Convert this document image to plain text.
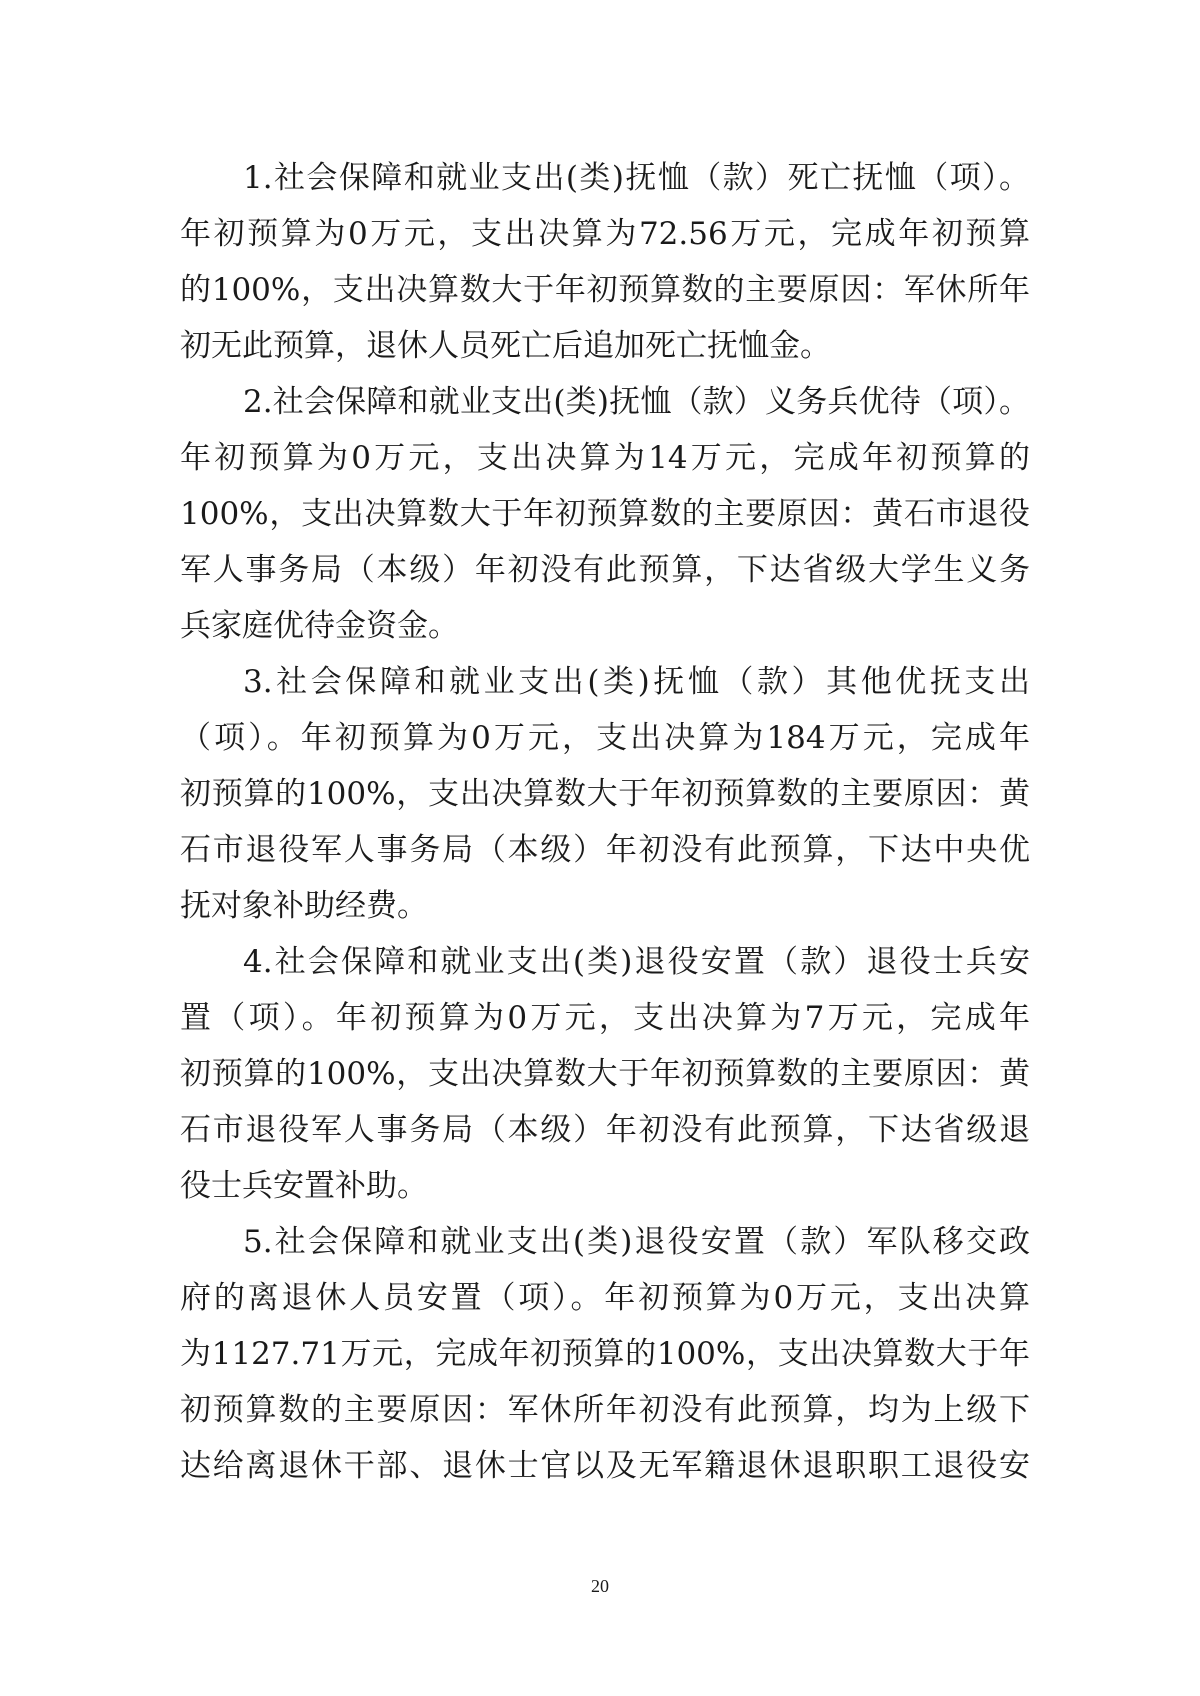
1.社会保障和就业支出(类)抚恤（款）死亡抚恤（项）。
年初预算为0万元，支出决算为72.56万元，完成年初预算
的100%，支出决算数大于年初预算数的主要原因：军休所年
初无此预算，退休人员死亡后追加死亡抚恤金。
2.社会保障和就业支出(类)抚恤（款）义务兵优待（项）。
年初预算为0万元，支出决算为14万元，完成年初预算的
100%，支出决算数大于年初预算数的主要原因：黄石市退役
军人事务局（本级）年初没有此预算，下达省级大学生义务
兵家庭优待金资金。
3.社会保障和就业支出(类)抚恤（款）其他优抚支出
（项）。年初预算为0万元，支出决算为184万元，完成年
初预算的100%，支出决算数大于年初预算数的主要原因：黄
石市退役军人事务局（本级）年初没有此预算，下达中央优
抚对象补助经费。
4.社会保障和就业支出(类)退役安置（款）退役士兵安
置（项）。年初预算为0万元，支出决算为7万元，完成年
初预算的100%，支出决算数大于年初预算数的主要原因：黄
石市退役军人事务局（本级）年初没有此预算，下达省级退
役士兵安置补助。
5.社会保障和就业支出(类)退役安置（款）军队移交政
府的离退休人员安置（项）。年初预算为0万元，支出决算
为1127.71万元，完成年初预算的100%，支出决算数大于年
初预算数的主要原因：军休所年初没有此预算，均为上级下
达给离退休干部、退休士官以及无军籍退休退职职工退役安
20
